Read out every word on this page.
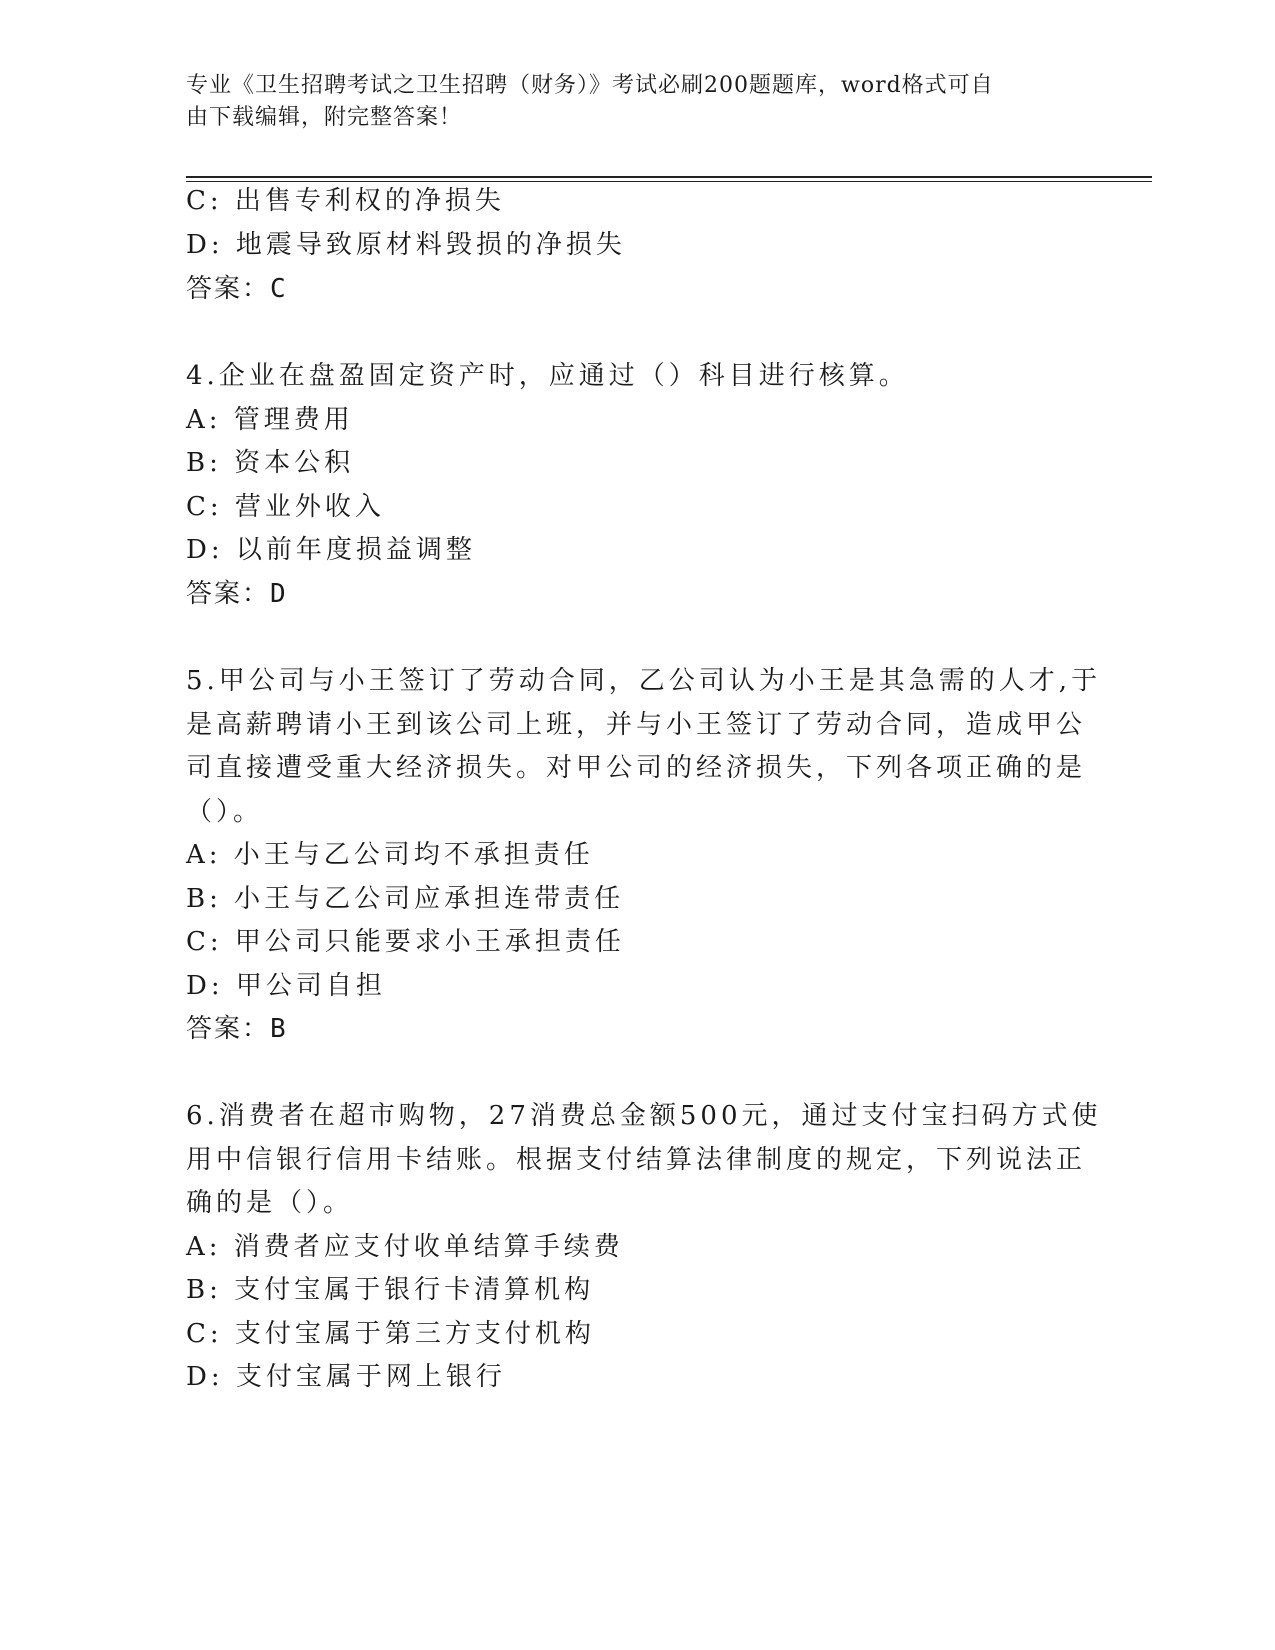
专业《卫生招聘考试之卫生招聘（财务）》考试必刷200题题库，word格式可自
由下载编辑，附完整答案！
C: 出售专利权的净损失
D: 地震导致原材料毁损的净损失
答案：C
4.企业在盘盈固定资产时，应通过（）科目进行核算。
A: 管理费用
B: 资本公积
C: 营业外收入
D: 以前年度损益调整
答案：D
5.甲公司与小王签订了劳动合同，乙公司认为小王是其急需的人才,于
是高薪聘请小王到该公司上班，并与小王签订了劳动合同，造成甲公
司直接遭受重大经济损失。对甲公司的经济损失，下列各项正确的是
（）。
A: 小王与乙公司均不承担责任
B: 小王与乙公司应承担连带责任
C: 甲公司只能要求小王承担责任
D: 甲公司自担
答案：B
6.消费者在超市购物，27消费总金额500元，通过支付宝扫码方式使
用中信银行信用卡结账。根据支付结算法律制度的规定，下列说法正
确的是（）。
A: 消费者应支付收单结算手续费
B: 支付宝属于银行卡清算机构
C: 支付宝属于第三方支付机构
D: 支付宝属于网上银行
